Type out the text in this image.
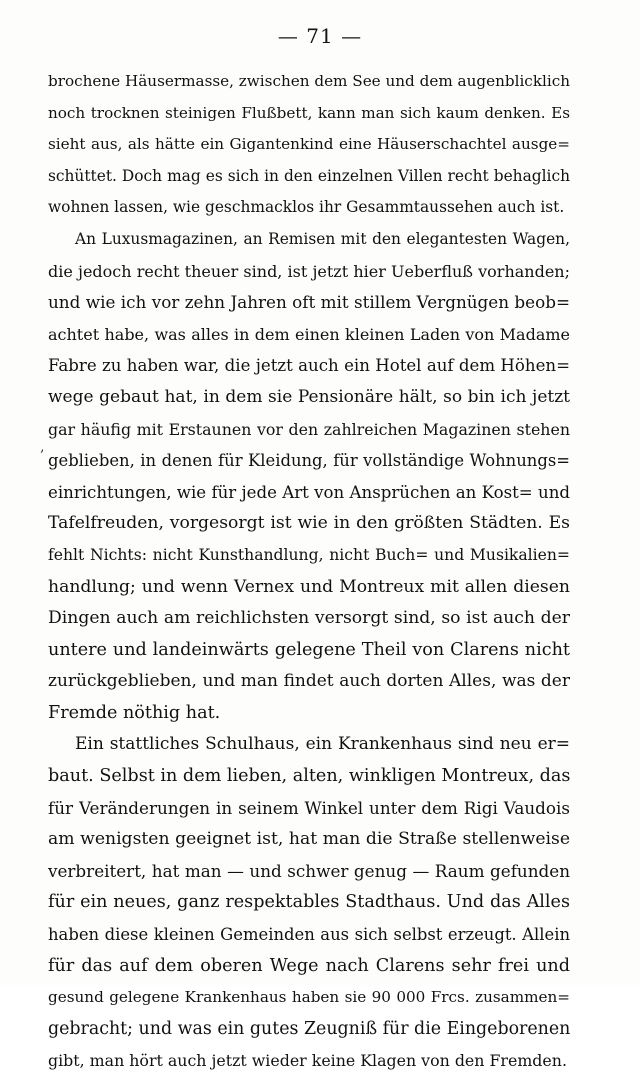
— 71 —
‚
brochene Häusermasse, zwischen dem See und dem augenblicklich
noch trocknen steinigen Flußbett, kann man sich kaum denken. Es
sieht aus, als hätte ein Gigantenkind eine Häuserschachtel ausge=
schüttet. Doch mag es sich in den einzelnen Villen recht behaglich
wohnen lassen, wie geschmacklos ihr Gesammtaussehen auch ist.
An Luxusmagazinen, an Remisen mit den elegantesten Wagen,
die jedoch recht theuer sind, ist jetzt hier Ueberfluß vorhanden;
und wie ich vor zehn Jahren oft mit stillem Vergnügen beob=
achtet habe, was alles in dem einen kleinen Laden von Madame
Fabre zu haben war, die jetzt auch ein Hotel auf dem Höhen=
wege gebaut hat, in dem sie Pensionäre hält, so bin ich jetzt
gar häufig mit Erstaunen vor den zahlreichen Magazinen stehen
geblieben, in denen für Kleidung, für vollständige Wohnungs=
einrichtungen, wie für jede Art von Ansprüchen an Kost= und
Tafelfreuden, vorgesorgt ist wie in den größten Städten. Es
fehlt Nichts: nicht Kunsthandlung, nicht Buch= und Musikalien=
handlung; und wenn Vernex und Montreux mit allen diesen
Dingen auch am reichlichsten versorgt sind, so ist auch der
untere und landeinwärts gelegene Theil von Clarens nicht
zurückgeblieben, und man findet auch dorten Alles, was der
Fremde nöthig hat.
Ein stattliches Schulhaus, ein Krankenhaus sind neu er=
baut. Selbst in dem lieben, alten, winkligen Montreux, das
für Veränderungen in seinem Winkel unter dem Rigi Vaudois
am wenigsten geeignet ist, hat man die Straße stellenweise
verbreitert, hat man — und schwer genug — Raum gefunden
für ein neues, ganz respektables Stadthaus. Und das Alles
haben diese kleinen Gemeinden aus sich selbst erzeugt. Allein
für das auf dem oberen Wege nach Clarens sehr frei und
gesund gelegene Krankenhaus haben sie 90 000 Frcs. zusammen=
gebracht; und was ein gutes Zeugniß für die Eingeborenen
gibt, man hört auch jetzt wieder keine Klagen von den Fremden.
